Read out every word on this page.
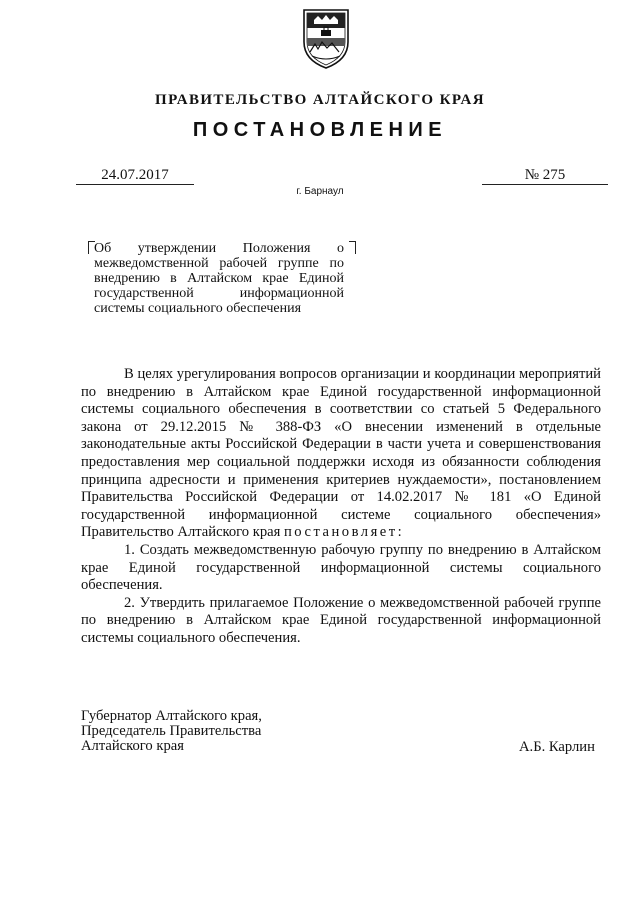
ПРАВИТЕЛЬСТВО АЛТАЙСКОГО КРАЯ
ПОСТАНОВЛЕНИЕ
24.07.2017	№ 275
г. Барнаул
Об утверждении Положения о межведомственной рабочей группе по внедрению в Алтайском крае Единой государственной информационной системы социального обеспечения

В целях урегулирования вопросов организации и координации мероприятий по внедрению в Алтайском крае Единой государственной информационной системы социального обеспечения в соответствии со статьей 5 Федерального закона от 29.12.2015 № 388-ФЗ «О внесении изменений в отдельные законодательные акты Российской Федерации в части учета и совершенствования предоставления мер социальной поддержки исходя из обязанности соблюдения принципа адресности и применения критериев нуждаемости», постановлением Правительства Российской Федерации от 14.02.2017 № 181 «О Единой государственной информационной системе социального обеспечения» Правительство Алтайского края постановляет:

1. Создать межведомственную рабочую группу по внедрению в Алтайском крае Единой государственной информационной системы социального обеспечения.

2. Утвердить прилагаемое Положение о межведомственной рабочей группе по внедрению в Алтайском крае Единой государственной информационной системы социального обеспечения.

Губернатор Алтайского края,
Председатель Правительства
Алтайского края	А.Б. Карлин
